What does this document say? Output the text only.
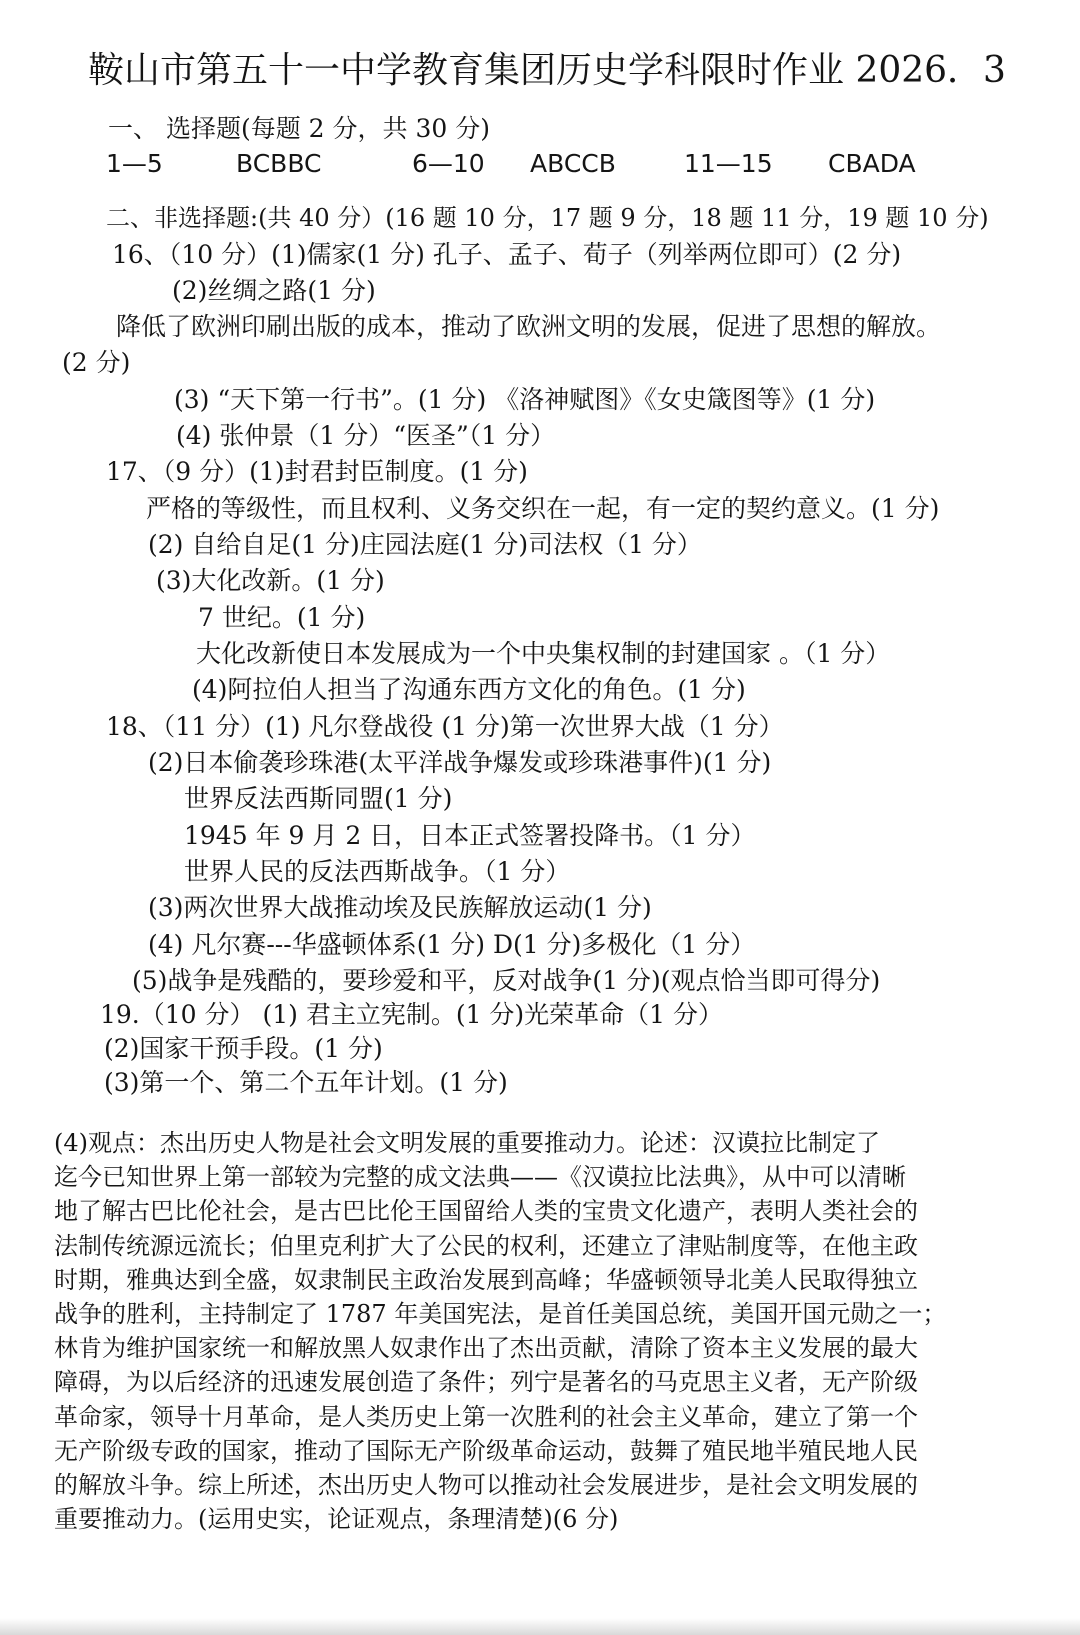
鞍山市第五十一中学教育集团历史学科限时作业 2026．3
一、 选择题(每题 2 分，共 30 分)
1—5	BCBBC	6—10 ABCCB	11—15 CBADA
二、非选择题:(共 40 分）(16 题 10 分，17 题 9 分，18 题 11 分，19 题 10 分)
16、（10 分）(1)儒家(1 分) 孔子、孟子、荀子（列举两位即可）(2 分)
(2)丝绸之路(1 分)
降低了欧洲印刷出版的成本，推动了欧洲文明的发展，促进了思想的解放。
(2 分)
(3) “天下第一行书”。(1 分) 《洛神赋图》《女史箴图等》(1 分)
(4) 张仲景（1 分）“医圣”（1 分）
17、（9 分）(1)封君封臣制度。(1 分)
严格的等级性，而且权利、义务交织在一起，有一定的契约意义。(1 分)
(2) 自给自足(1 分)庄园法庭(1 分)司法权（1 分）
(3)大化改新。(1 分)
7 世纪。(1 分)
大化改新使日本发展成为一个中央集权制的封建国家 。（1 分）
(4)阿拉伯人担当了沟通东西方文化的角色。(1 分)
18、（11 分）(1) 凡尔登战役 (1 分)第一次世界大战（1 分）
(2)日本偷袭珍珠港(太平洋战争爆发或珍珠港事件)(1 分)
世界反法西斯同盟(1 分)
1945 年 9 月 2 日，日本正式签署投降书。（1 分）
世界人民的反法西斯战争。（1 分）
(3)两次世界大战推动埃及民族解放运动(1 分)
(4) 凡尔赛---华盛顿体系(1 分) D(1 分)多极化（1 分）
(5)战争是残酷的，要珍爱和平，反对战争(1 分)(观点恰当即可得分)
19.（10 分） (1) 君主立宪制。(1 分)光荣革命（1 分）
(2)国家干预手段。(1 分)
(3)第一个、第二个五年计划。(1 分)
(4)观点：杰出历史人物是社会文明发展的重要推动力。论述：汉谟拉比制定了
迄今已知世界上第一部较为完整的成文法典——《汉谟拉比法典》，从中可以清晰
地了解古巴比伦社会，是古巴比伦王国留给人类的宝贵文化遗产，表明人类社会的
法制传统源远流长；伯里克利扩大了公民的权利，还建立了津贴制度等，在他主政
时期，雅典达到全盛，奴隶制民主政治发展到高峰；华盛顿领导北美人民取得独立
战争的胜利，主持制定了 1787 年美国宪法，是首任美国总统，美国开国元勋之一；
林肯为维护国家统一和解放黑人奴隶作出了杰出贡献，清除了资本主义发展的最大
障碍，为以后经济的迅速发展创造了条件；列宁是著名的马克思主义者，无产阶级
革命家，领导十月革命，是人类历史上第一次胜利的社会主义革命，建立了第一个
无产阶级专政的国家，推动了国际无产阶级革命运动，鼓舞了殖民地半殖民地人民
的解放斗争。综上所述，杰出历史人物可以推动社会发展进步，是社会文明发展的
重要推动力。(运用史实，论证观点，条理清楚)(6 分)
